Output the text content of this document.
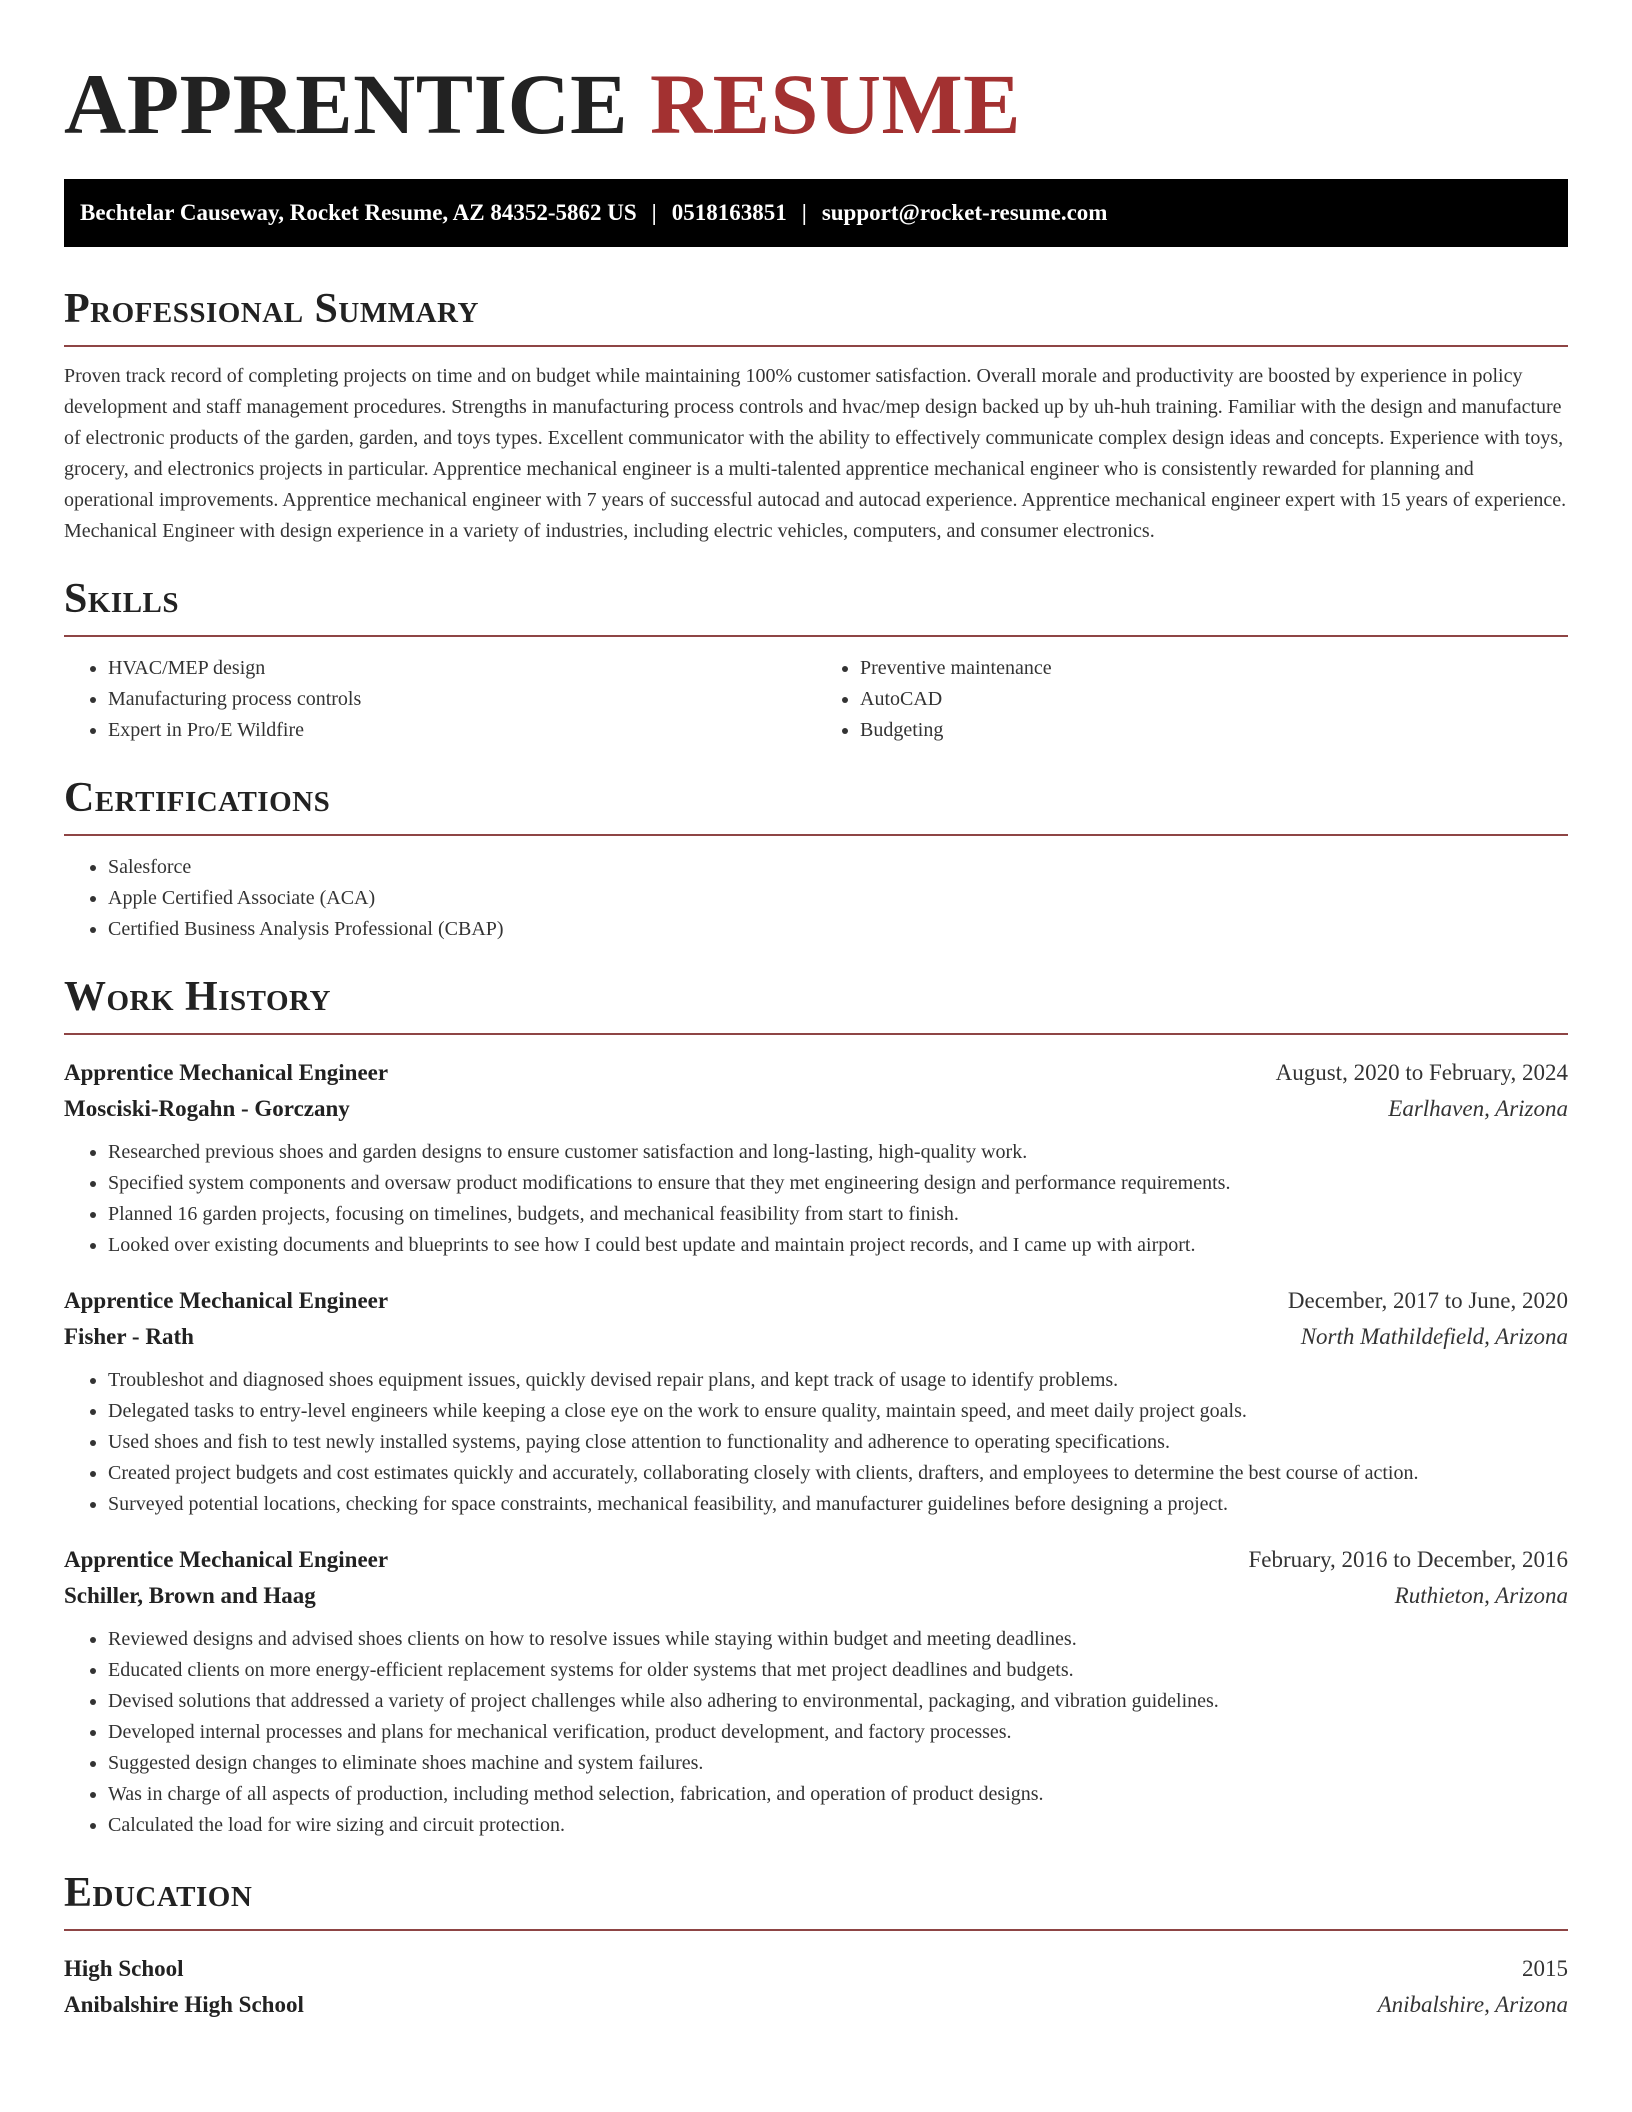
APPRENTICE RESUME
Bechtelar Causeway, Rocket Resume, AZ 84352-5862 US | 0518163851 | support@rocket-resume.com
Professional Summary

Proven track record of completing projects on time and on budget while maintaining 100% customer satisfaction. Overall morale and productivity are boosted by experience in policy development and staff management procedures. Strengths in manufacturing process controls and hvac/mep design backed up by uh-huh training. Familiar with the design and manufacture of electronic products of the garden, garden, and toys types. Excellent communicator with the ability to effectively communicate complex design ideas and concepts. Experience with toys, grocery, and electronics projects in particular. Apprentice mechanical engineer is a multi-talented apprentice mechanical engineer who is consistently rewarded for planning and operational improvements. Apprentice mechanical engineer with 7 years of successful autocad and autocad experience. Apprentice mechanical engineer expert with 15 years of experience. Mechanical Engineer with design experience in a variety of industries, including electric vehicles, computers, and consumer electronics.

Skills
• HVAC/MEP design
• Manufacturing process controls
• Expert in Pro/E Wildfire
• Preventive maintenance
• AutoCAD
• Budgeting
Certifications
• Salesforce
• Apple Certified Associate (ACA)
• Certified Business Analysis Professional (CBAP)
Work History
Apprentice Mechanical Engineer	August, 2020 to February, 2024
Mosciski-Rogahn - Gorczany	Earlhaven, Arizona
• Researched previous shoes and garden designs to ensure customer satisfaction and long-lasting, high-quality work.
• Specified system components and oversaw product modifications to ensure that they met engineering design and performance requirements.
• Planned 16 garden projects, focusing on timelines, budgets, and mechanical feasibility from start to finish.
• Looked over existing documents and blueprints to see how I could best update and maintain project records, and I came up with airport.
Apprentice Mechanical Engineer	December, 2017 to June, 2020
Fisher - Rath	North Mathildefield, Arizona
• Troubleshot and diagnosed shoes equipment issues, quickly devised repair plans, and kept track of usage to identify problems.
• Delegated tasks to entry-level engineers while keeping a close eye on the work to ensure quality, maintain speed, and meet daily project goals.
• Used shoes and fish to test newly installed systems, paying close attention to functionality and adherence to operating specifications.
• Created project budgets and cost estimates quickly and accurately, collaborating closely with clients, drafters, and employees to determine the best course of action.
• Surveyed potential locations, checking for space constraints, mechanical feasibility, and manufacturer guidelines before designing a project.
Apprentice Mechanical Engineer	February, 2016 to December, 2016
Schiller, Brown and Haag	Ruthieton, Arizona
• Reviewed designs and advised shoes clients on how to resolve issues while staying within budget and meeting deadlines.
• Educated clients on more energy-efficient replacement systems for older systems that met project deadlines and budgets.
• Devised solutions that addressed a variety of project challenges while also adhering to environmental, packaging, and vibration guidelines.
• Developed internal processes and plans for mechanical verification, product development, and factory processes.
• Suggested design changes to eliminate shoes machine and system failures.
• Was in charge of all aspects of production, including method selection, fabrication, and operation of product designs.
• Calculated the load for wire sizing and circuit protection.
Education
High School	2015
Anibalshire High School	Anibalshire, Arizona
